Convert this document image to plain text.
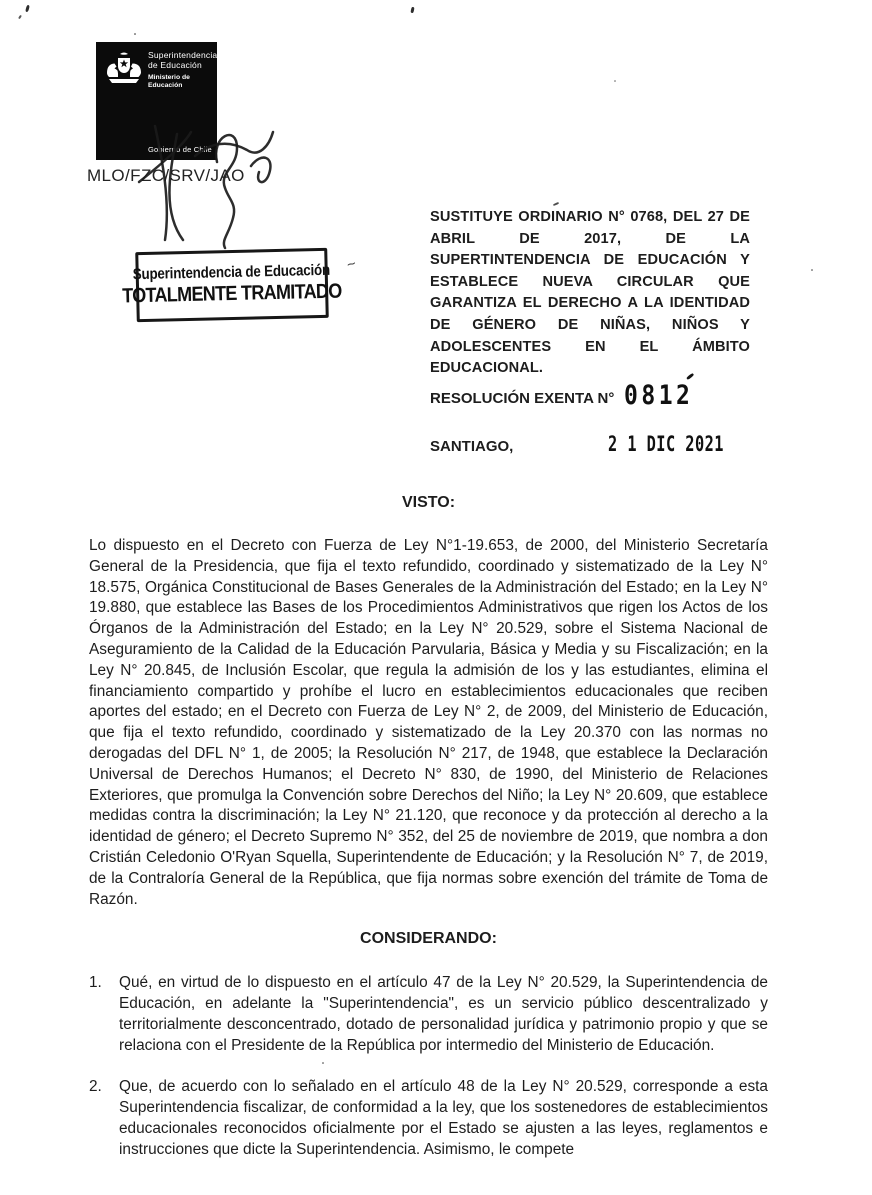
~
Superintendencia
de Educación
Ministerio de
Educación
Gobierno de Chile
MLO/FZC/SRV/JAO
Superintendencia de Educación
TOTALMENTE TRAMITADO
SUSTITUYE ORDINARIO N° 0768, DEL 27 DE ABRIL DE 2017, DE LA SUPERTINTENDENCIA DE EDUCACIÓN Y ESTABLECE NUEVA CIRCULAR QUE GARANTIZA EL DERECHO A LA IDENTIDAD DE GÉNERO DE NIÑAS, NIÑOS Y ADOLESCENTES EN EL ÁMBITO EDUCACIONAL.
RESOLUCIÓN EXENTA N° 0812
SANTIAGO,	2 1 DIC 2021
VISTO:

Lo dispuesto en el Decreto con Fuerza de Ley N°1-19.653, de 2000, del Ministerio Secretaría General de la Presidencia, que fija el texto refundido, coordinado y sistematizado de la Ley N° 18.575, Orgánica Constitucional de Bases Generales de la Administración del Estado; en la Ley N° 19.880, que establece las Bases de los Procedimientos Administrativos que rigen los Actos de los Órganos de la Administración del Estado; en la Ley N° 20.529, sobre el Sistema Nacional de Aseguramiento de la Calidad de la Educación Parvularia, Básica y Media y su Fiscalización; en la Ley N° 20.845, de Inclusión Escolar, que regula la admisión de los y las estudiantes, elimina el financiamiento compartido y prohíbe el lucro en establecimientos educacionales que reciben aportes del estado; en el Decreto con Fuerza de Ley N° 2, de 2009, del Ministerio de Educación, que fija el texto refundido, coordinado y sistematizado de la Ley 20.370 con las normas no derogadas del DFL N° 1, de 2005; la Resolución N° 217, de 1948, que establece la Declaración Universal de Derechos Humanos; el Decreto N° 830, de 1990, del Ministerio de Relaciones Exteriores, que promulga la Convención sobre Derechos del Niño; la Ley N° 20.609, que establece medidas contra la discriminación; la Ley N° 21.120, que reconoce y da protección al derecho a la identidad de género; el Decreto Supremo N° 352, del 25 de noviembre de 2019, que nombra a don Cristián Celedonio O'Ryan Squella, Superintendente de Educación; y la Resolución N° 7, de 2019, de la Contraloría General de la República, que fija normas sobre exención del trámite de Toma de Razón.

CONSIDERANDO:
1.	Qué, en virtud de lo dispuesto en el artículo 47 de la Ley N° 20.529, la Superintendencia de Educación, en adelante la "Superintendencia", es un servicio público descentralizado y territorialmente desconcentrado, dotado de personalidad jurídica y patrimonio propio y que se relaciona con el Presidente de la República por intermedio del Ministerio de Educación.

2.	Que, de acuerdo con lo señalado en el artículo 48 de la Ley N° 20.529, corresponde a esta Superintendencia fiscalizar, de conformidad a la ley, que los sostenedores de establecimientos educacionales reconocidos oficialmente por el Estado se ajusten a las leyes, reglamentos e instrucciones que dicte la Superintendencia. Asimismo, le compete
